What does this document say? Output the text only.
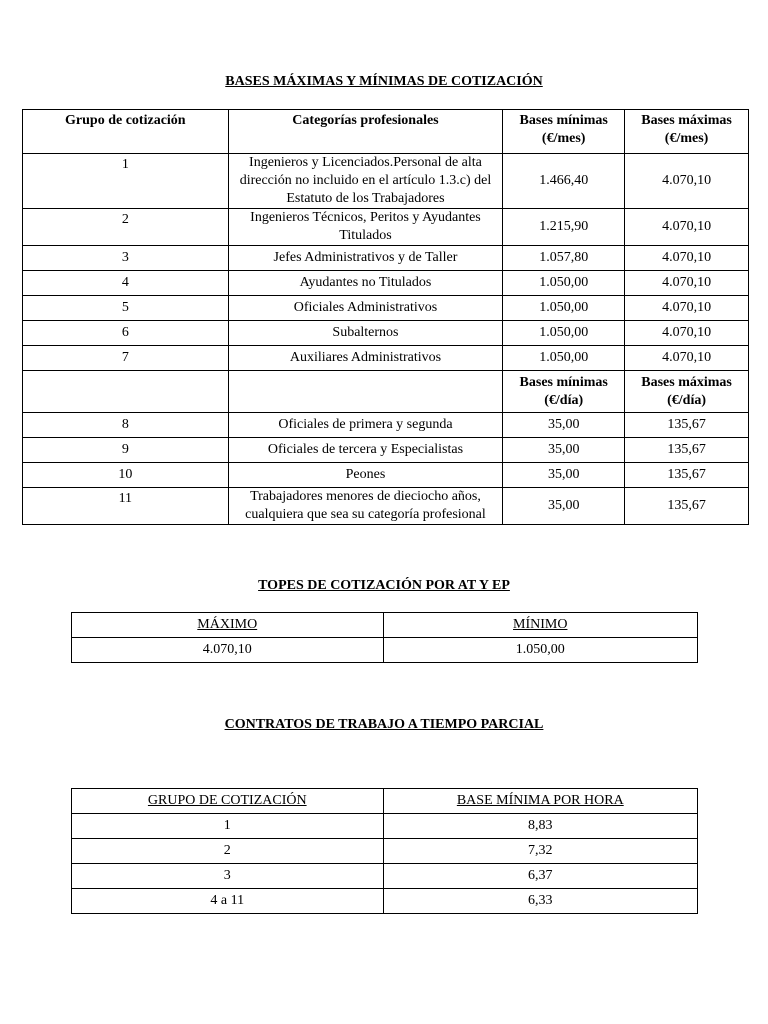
BASES MÁXIMAS Y MÍNIMAS DE COTIZACIÓN
Grupo de cotización	Categorías profesionales	Bases mínimas (€/mes)	Bases máximas (€/mes)
1	Ingenieros y Licenciados.Personal de alta dirección no incluido en el artículo 1.3.c) del Estatuto de los Trabajadores	1.466,40	4.070,10
2	Ingenieros Técnicos, Peritos y Ayudantes Titulados	1.215,90	4.070,10
3	Jefes Administrativos y de Taller	1.057,80	4.070,10
4	Ayudantes no Titulados	1.050,00	4.070,10
5	Oficiales Administrativos	1.050,00	4.070,10
6	Subalternos	1.050,00	4.070,10
7	Auxiliares Administrativos	1.050,00	4.070,10
		Bases mínimas (€/día)	Bases máximas (€/día)
8	Oficiales de primera y segunda	35,00	135,67
9	Oficiales de tercera y Especialistas	35,00	135,67
10	Peones	35,00	135,67
11	Trabajadores menores de dieciocho años, cualquiera que sea su categoría profesional	35,00	135,67
TOPES DE COTIZACIÓN POR AT Y EP
MÁXIMO	MÍNIMO
4.070,10	1.050,00
CONTRATOS DE TRABAJO A TIEMPO PARCIAL
GRUPO DE COTIZACIÓN	BASE MÍNIMA POR HORA
1	8,83
2	7,32
3	6,37
4 a 11	6,33
